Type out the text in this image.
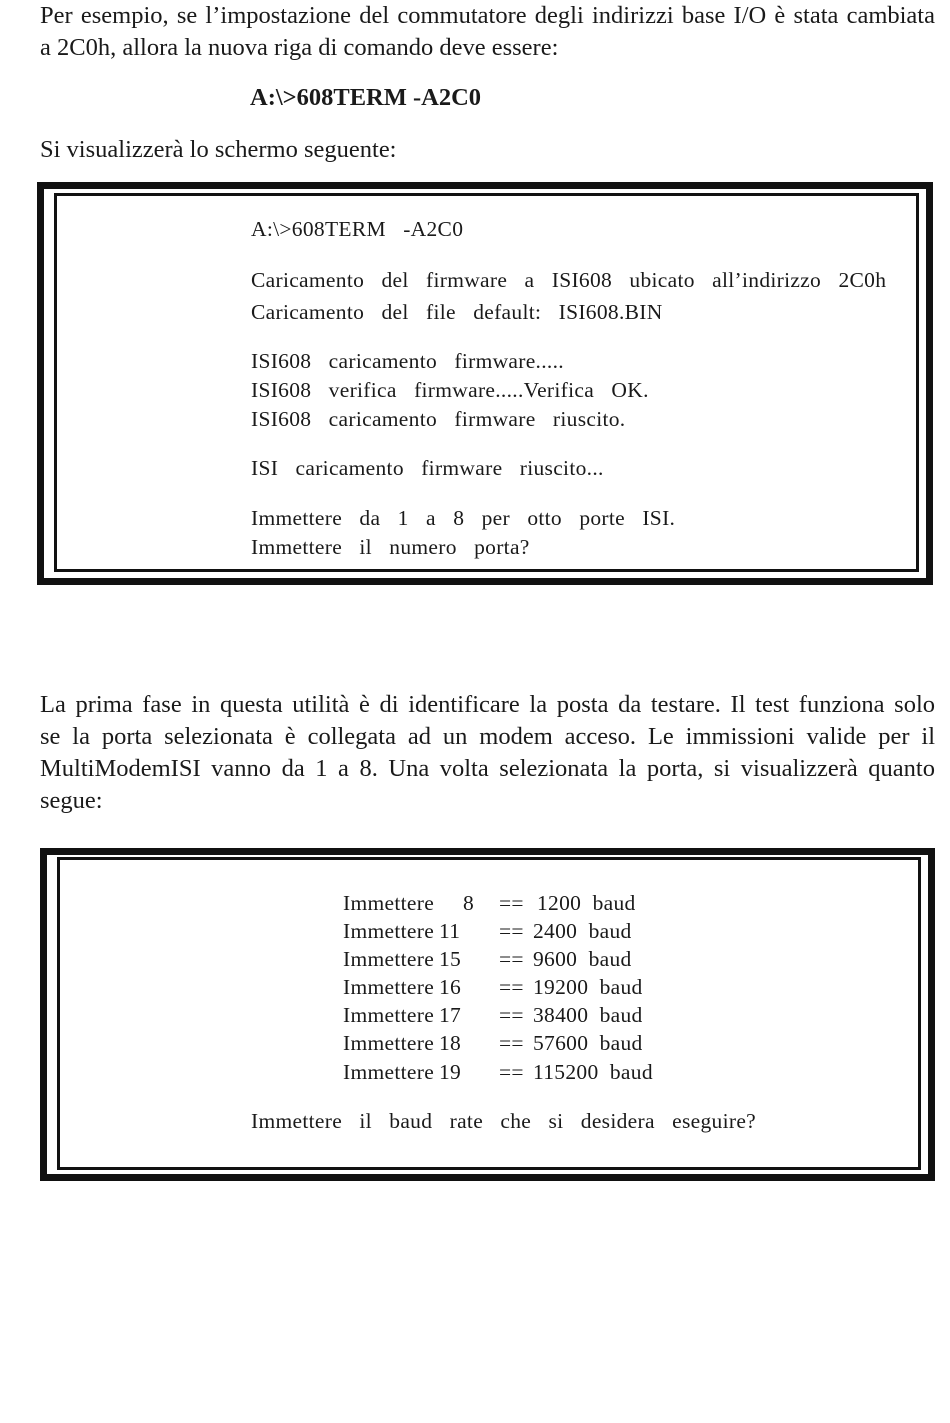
Per esempio, se l’impostazione del commutatore degli indirizzi base I/O è stata cambiata
a 2C0h, allora la nuova riga di comando deve essere:
A:\>608TERM -A2C0
Si visualizzerà lo schermo seguente:
A:\>608TERM  -A2C0
Caricamento  del  firmware  a  ISI608  ubicato  all’indirizzo  2C0h
Caricamento  del  file  default:  ISI608.BIN
ISI608  caricamento  firmware.....
ISI608  verifica  firmware.....Verifica  OK.
ISI608  caricamento  firmware  riuscito.
ISI  caricamento  firmware  riuscito...
Immettere  da  1  a  8  per  otto  porte  ISI.
Immettere  il  numero  porta?
La prima fase in questa utilità è di identificare la posta da testare. Il test funziona solo
se la porta selezionata è collegata ad un modem acceso. Le immissioni valide per il
MultiModemISI vanno da 1 a 8. Una volta selezionata la porta, si visualizzerà quanto
segue:
Immettere 8 == 1200 baud
Immettere 11 == 2400 baud
Immettere 15 == 9600 baud
Immettere 16 == 19200 baud
Immettere 17 == 38400 baud
Immettere 18 == 57600 baud
Immettere 19 == 115200 baud
Immettere  il  baud  rate  che  si  desidera  eseguire?
